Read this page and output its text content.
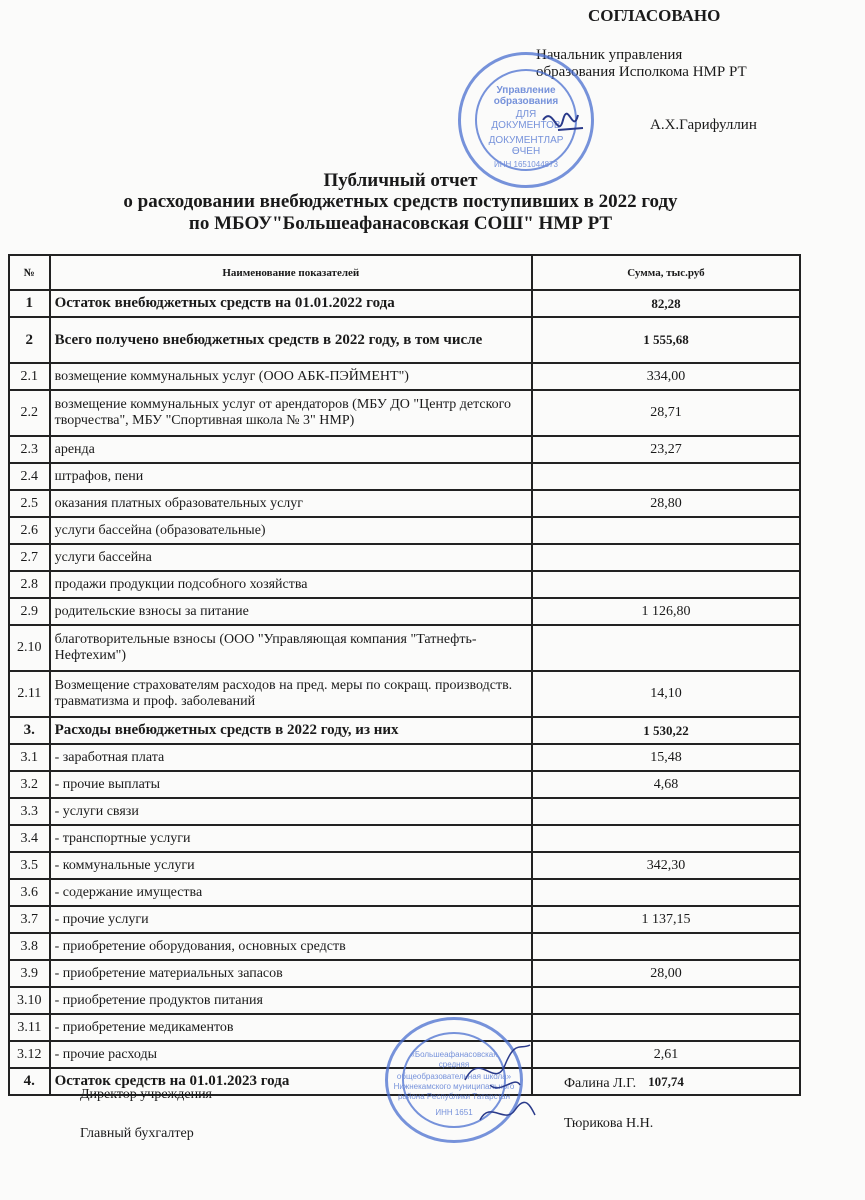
СОГЛАСОВАНО
Начальник управления
образования Исполкома НМР РТ
А.Х.Гарифуллин
Управление
образования
ДЛЯ
ДОКУМЕНТОВ
ДОКУМЕНТЛАР
ӨЧЕН
ИНН 1651044873
Публичный отчет
о расходовании внебюджетных средств поступивших в 2022 году
по МБОУ"Большеафанасовская СОШ" НМР РТ
№	Наименование показателей	Сумма, тыс.руб
1	Остаток внебюджетных средств на 01.01.2022 года	82,28
2	Всего получено внебюджетных средств в 2022 году, в том числе	1 555,68
2.1	возмещение коммунальных услуг (ООО АБК-ПЭЙМЕНТ")	334,00
2.2	возмещение коммунальных услуг от арендаторов (МБУ ДО "Центр детского творчества", МБУ "Спортивная школа № 3" НМР)	28,71
2.3	аренда	23,27
2.4	штрафов, пени	
2.5	оказания платных образовательных услуг	28,80
2.6	услуги бассейна (образовательные)	
2.7	услуги бассейна	
2.8	продажи продукции подсобного хозяйства	
2.9	родительские взносы за питание	1 126,80
2.10	благотворительные взносы (ООО "Управляющая компания "Татнефть-Нефтехим")	
2.11	Возмещение страхователям расходов на пред. меры по сокращ. производств. травматизма и проф. заболеваний	14,10
3.	Расходы внебюджетных средств в 2022 году, из них	1 530,22
3.1	- заработная плата	15,48
3.2	- прочие выплаты	4,68
3.3	- услуги связи	
3.4	- транспортные услуги	
3.5	- коммунальные услуги	342,30
3.6	- содержание имущества	
3.7	- прочие услуги	1 137,15
3.8	- приобретение оборудования, основных средств	
3.9	- приобретение материальных запасов	28,00
3.10	- приобретение продуктов питания	
3.11	- приобретение медикаментов	
3.12	- прочие расходы	2,61
4.	Остаток средств на 01.01.2023 года	107,74
«Большеафанасовская
средняя
общеобразовательная школа»
Нижнекамского муниципального
района Республики Татарстан
ИНН 1651
Директор учреждения
Фалина Л.Г.
Главный бухгалтер
Тюрикова Н.Н.
